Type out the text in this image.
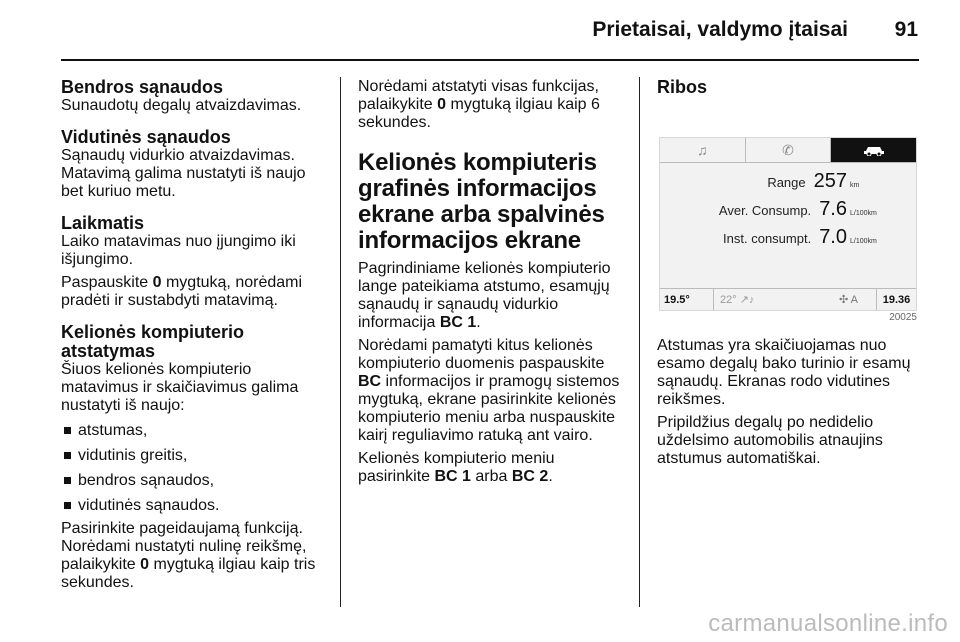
Prietaisai, valdymo įtaisai 91
Bendros sąnaudos
Sunaudotų degalų atvaizdavimas.
Vidutinės sąnaudos
Sąnaudų vidurkio atvaizdavimas. Matavimą galima nustatyti iš naujo bet kuriuo metu.
Laikmatis
Laiko matavimas nuo įjungimo iki išjungimo.
Paspauskite 0 mygtuką, norėdami pradėti ir sustabdyti matavimą.
Kelionės kompiuterio atstatymas
Šiuos kelionės kompiuterio matavimus ir skaičiavimus galima nustatyti iš naujo:
atstumas,
vidutinis greitis,
bendros sąnaudos,
vidutinės sąnaudos.
Pasirinkite pageidaujamą funkciją. Norėdami nustatyti nulinę reikšmę, palaikykite 0 mygtuką ilgiau kaip tris sekundes.
Norėdami atstatyti visas funkcijas, palaikykite 0 mygtuką ilgiau kaip 6 sekundes.
Kelionės kompiuteris grafinės informacijos ekrane arba spalvinės informacijos ekrane
Pagrindiniame kelionės kompiuterio lange pateikiama atstumo, esamųjų sąnaudų ir sąnaudų vidurkio informacija BC 1.
Norėdami pamatyti kitus kelionės kompiuterio duomenis paspauskite BC informacijos ir pramogų sistemos mygtuką, ekrane pasirinkite kelionės kompiuterio meniu arba nuspauskite kairį reguliavimo ratuką ant vairo.
Kelionės kompiuterio meniu pasirinkite BC 1 arba BC 2.
Ribos
♫	✆
Range 257 km
Aver. Consump. 7.6 L/100km
Inst. consumpt. 7.0 L/100km
19.5°	22° ↗♪	✣ A	19.36
20025
Atstumas yra skaičiuojamas nuo esamo degalų bako turinio ir esamų sąnaudų. Ekranas rodo vidutines reikšmes.
Pripildžius degalų po nedidelio uždelsimo automobilis atnaujins atstumus automatiškai.
carmanualsonline.info
